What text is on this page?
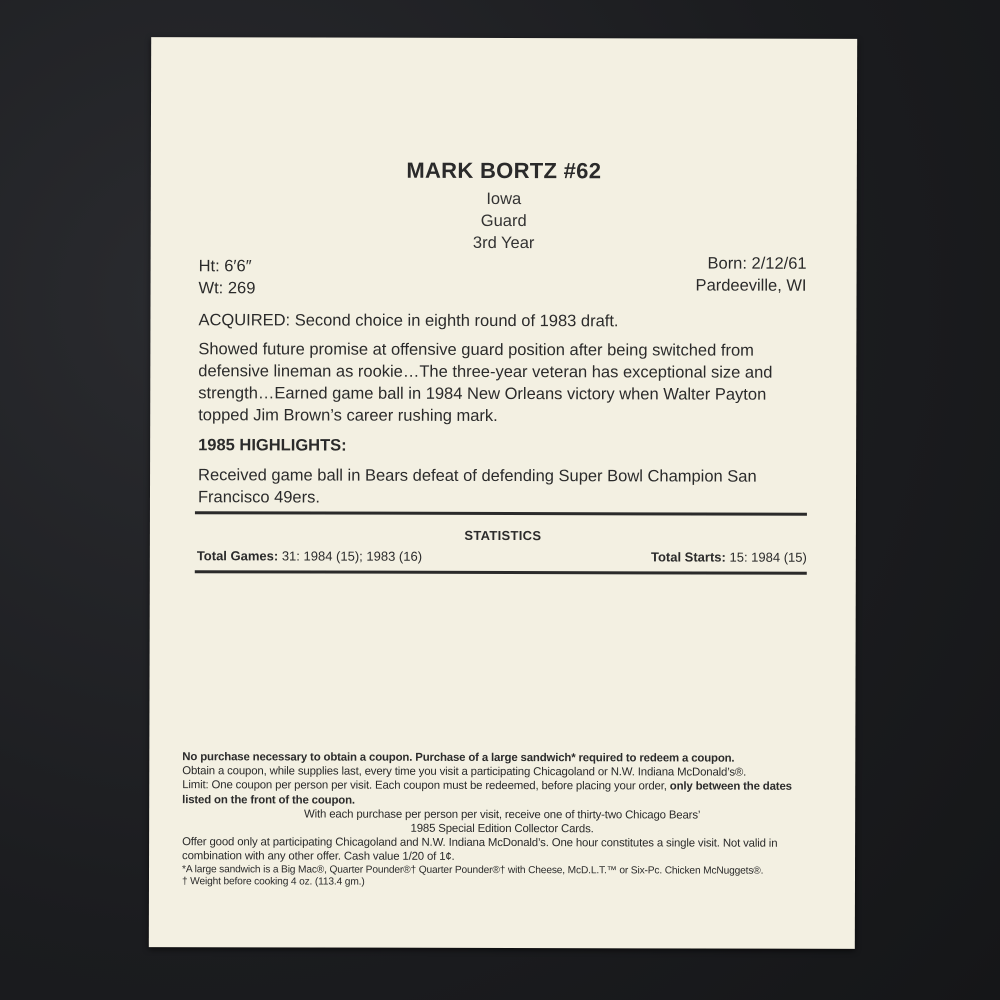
MARK BORTZ #62
Iowa
Guard
3rd Year
Ht: 6′6″
Wt: 269
Born: 2/12/61
Pardeeville, WI

ACQUIRED: Second choice in eighth round of 1983 draft.

Showed future promise at offensive guard position after being switched from defensive lineman as rookie…The three-year veteran has exceptional size and strength…Earned game ball in 1984 New Orleans victory when Walter Payton topped Jim Brown’s career rushing mark.

1985 HIGHLIGHTS:

Received game ball in Bears defeat of defending Super Bowl Champion San Francisco 49ers.

STATISTICS
Total Games: 31: 1984 (15); 1983 (16)	Total Starts: 15: 1984 (15)
No purchase necessary to obtain a coupon. Purchase of a large sandwich* required to redeem a coupon.
Obtain a coupon, while supplies last, every time you visit a participating Chicagoland or N.W. Indiana McDonald’s®.
Limit: One coupon per person per visit. Each coupon must be redeemed, before placing your order, only between the dates listed on the front of the coupon.
With each purchase per person per visit, receive one of thirty-two Chicago Bears’
1985 Special Edition Collector Cards.
Offer good only at participating Chicagoland and N.W. Indiana McDonald’s. One hour constitutes a single visit. Not valid in combination with any other offer. Cash value 1/20 of 1¢.
*A large sandwich is a Big Mac®, Quarter Pounder®† Quarter Pounder®† with Cheese, McD.L.T.™ or Six-Pc. Chicken McNuggets®.
† Weight before cooking 4 oz. (113.4 gm.)
